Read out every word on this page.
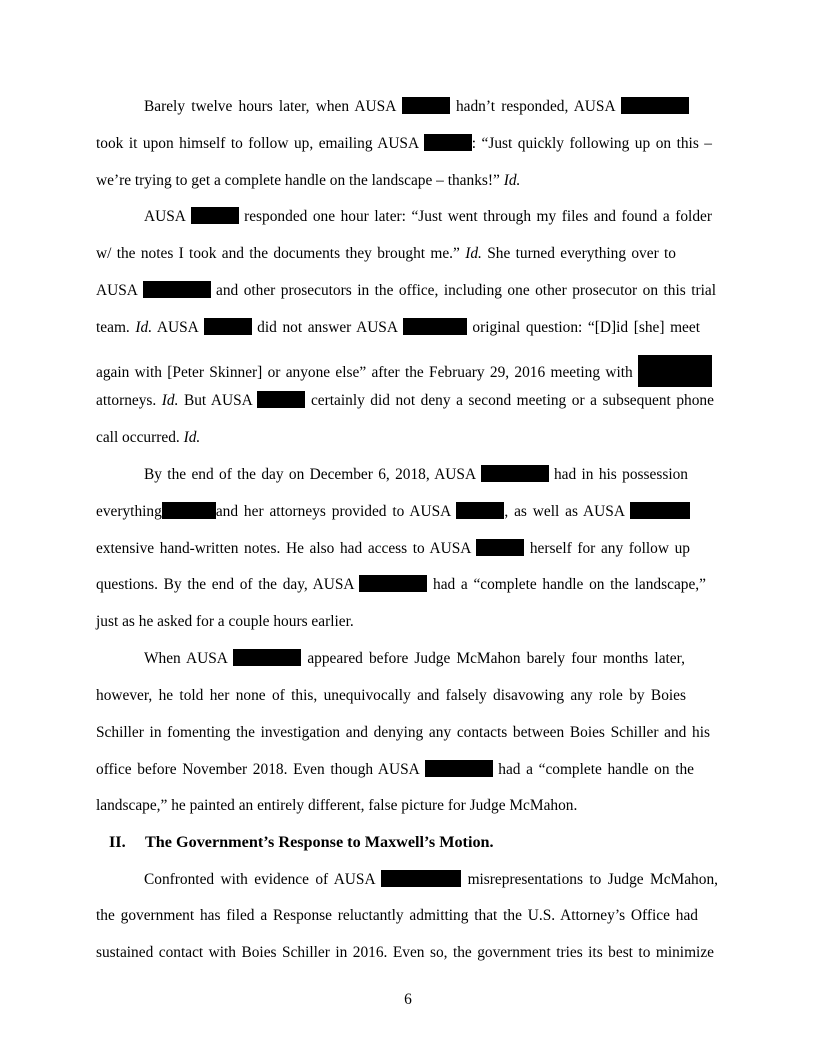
Barely twelve hours later, when AUSA	hadn’t responded, AUSA
took it upon himself to follow up, emailing AUSA	: “Just quickly following up on this –
we’re trying to get a complete handle on the landscape – thanks!” Id.
AUSA	responded one hour later: “Just went through my files and found a folder
w/ the notes I took and the documents they brought me.” Id. She turned everything over to
AUSA	and other prosecutors in the office, including one other prosecutor on this trial
team. Id. AUSA	did not answer AUSA	original question: “[D]id [she] meet
again with [Peter Skinner] or anyone else” after the February 29, 2016 meeting with
attorneys. Id. But AUSA	certainly did not deny a second meeting or a subsequent phone
call occurred. Id.
By the end of the day on December 6, 2018, AUSA	had in his possession
everything	and her attorneys provided to AUSA	, as well as AUSA
extensive hand-written notes. He also had access to AUSA	herself for any follow up
questions. By the end of the day, AUSA	had a “complete handle on the landscape,”
just as he asked for a couple hours earlier.
When AUSA	appeared before Judge McMahon barely four months later,
however, he told her none of this, unequivocally and falsely disavowing any role by Boies
Schiller in fomenting the investigation and denying any contacts between Boies Schiller and his
office before November 2018. Even though AUSA	had a “complete handle on the
landscape,” he painted an entirely different, false picture for Judge McMahon.
II. The Government’s Response to Maxwell’s Motion.
Confronted with evidence of AUSA	misrepresentations to Judge McMahon,
the government has filed a Response reluctantly admitting that the U.S. Attorney’s Office had
sustained contact with Boies Schiller in 2016. Even so, the government tries its best to minimize
6
